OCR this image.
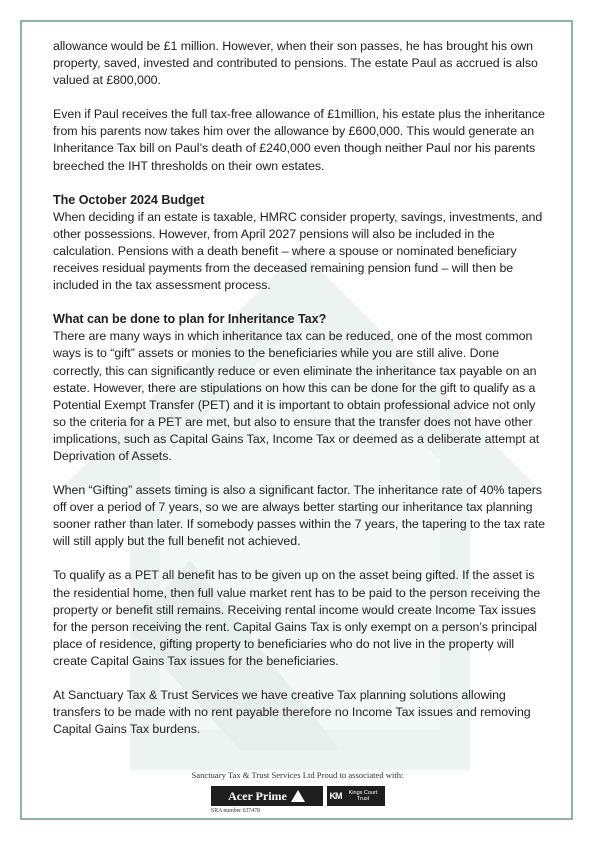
allowance would be £1 million. However, when their son passes, he has brought his own property, saved, invested and contributed to pensions. The estate Paul as accrued is also valued at £800,000.

Even if Paul receives the full tax-free allowance of £1million, his estate plus the inheritance from his parents now takes him over the allowance by £600,000. This would generate an Inheritance Tax bill on Paul’s death of £240,000 even though neither Paul nor his parents breeched the IHT thresholds on their own estates.

The October 2024 Budget

When deciding if an estate is taxable, HMRC consider property, savings, investments, and other possessions. However, from April 2027 pensions will also be included in the calculation. Pensions with a death benefit – where a spouse or nominated beneficiary receives residual payments from the deceased remaining pension fund – will then be included in the tax assessment process.

What can be done to plan for Inheritance Tax?

There are many ways in which inheritance tax can be reduced, one of the most common ways is to “gift” assets or monies to the beneficiaries while you are still alive. Done correctly, this can significantly reduce or even eliminate the inheritance tax payable on an estate. However, there are stipulations on how this can be done for the gift to qualify as a Potential Exempt Transfer (PET) and it is important to obtain professional advice not only so the criteria for a PET are met, but also to ensure that the transfer does not have other implications, such as Capital Gains Tax, Income Tax or deemed as a deliberate attempt at Deprivation of Assets.

When “Gifting” assets timing is also a significant factor. The inheritance rate of 40% tapers off over a period of 7 years, so we are always better starting our inheritance tax planning sooner rather than later. If somebody passes within the 7 years, the tapering to the tax rate will still apply but the full benefit not achieved.

To qualify as a PET all benefit has to be given up on the asset being gifted. If the asset is the residential home, then full value market rent has to be paid to the person receiving the property or benefit still remains. Receiving rental income would create Income Tax issues for the person receiving the rent. Capital Gains Tax is only exempt on a person’s principal place of residence, gifting property to beneficiaries who do not live in the property will create Capital Gains Tax issues for the beneficiaries.

At Sanctuary Tax & Trust Services we have creative Tax planning solutions allowing transfers to be made with no rent payable therefore no Income Tax issues and removing Capital Gains Tax burdens.

Sanctuary Tax & Trust Services Ltd Proud to associated with:
Acer Prime	KM	Kings Court Trust
SRA number 637478
